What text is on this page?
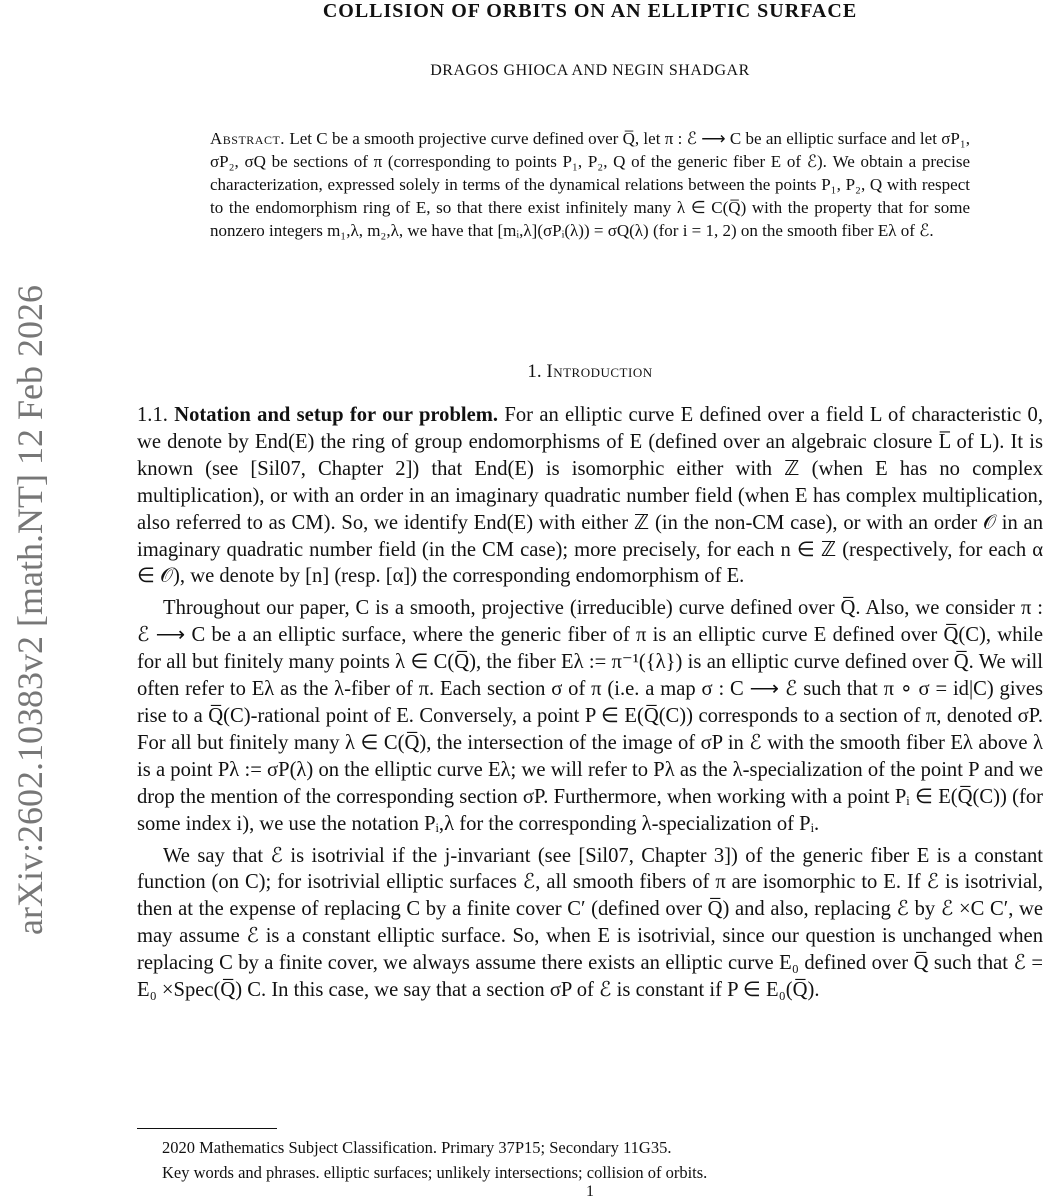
arXiv:2602.10383v2 [math.NT] 12 Feb 2026
COLLISION OF ORBITS ON AN ELLIPTIC SURFACE
DRAGOS GHIOCA AND NEGIN SHADGAR
Abstract. Let C be a smooth projective curve defined over Q̅, let π : ℰ ⟶ C be an elliptic surface and let σP₁, σP₂, σQ be sections of π (corresponding to points P₁, P₂, Q of the generic fiber E of ℰ). We obtain a precise characterization, expressed solely in terms of the dynamical relations between the points P₁, P₂, Q with respect to the endomorphism ring of E, so that there exist infinitely many λ ∈ C(Q̅) with the property that for some nonzero integers m₁,λ, m₂,λ, we have that [mᵢ,λ](σPᵢ(λ)) = σQ(λ) (for i = 1, 2) on the smooth fiber Eλ of ℰ.
1. Introduction

1.1. Notation and setup for our problem. For an elliptic curve E defined over a field L of characteristic 0, we denote by End(E) the ring of group endomorphisms of E (defined over an algebraic closure L̅ of L). It is known (see [Sil07, Chapter 2]) that End(E) is isomorphic either with ℤ (when E has no complex multiplication), or with an order in an imaginary quadratic number field (when E has complex multiplication, also referred to as CM). So, we identify End(E) with either ℤ (in the non-CM case), or with an order 𝒪 in an imaginary quadratic number field (in the CM case); more precisely, for each n ∈ ℤ (respectively, for each α ∈ 𝒪), we denote by [n] (resp. [α]) the corresponding endomorphism of E.

Throughout our paper, C is a smooth, projective (irreducible) curve defined over Q̅. Also, we consider π : ℰ ⟶ C be a an elliptic surface, where the generic fiber of π is an elliptic curve E defined over Q̅(C), while for all but finitely many points λ ∈ C(Q̅), the fiber Eλ := π⁻¹({λ}) is an elliptic curve defined over Q̅. We will often refer to Eλ as the λ-fiber of π. Each section σ of π (i.e. a map σ : C ⟶ ℰ such that π ∘ σ = id|C) gives rise to a Q̅(C)-rational point of E. Conversely, a point P ∈ E(Q̅(C)) corresponds to a section of π, denoted σP. For all but finitely many λ ∈ C(Q̅), the intersection of the image of σP in ℰ with the smooth fiber Eλ above λ is a point Pλ := σP(λ) on the elliptic curve Eλ; we will refer to Pλ as the λ-specialization of the point P and we drop the mention of the corresponding section σP. Furthermore, when working with a point Pᵢ ∈ E(Q̅(C)) (for some index i), we use the notation Pᵢ,λ for the corresponding λ-specialization of Pᵢ.

We say that ℰ is isotrivial if the j-invariant (see [Sil07, Chapter 3]) of the generic fiber E is a constant function (on C); for isotrivial elliptic surfaces ℰ, all smooth fibers of π are isomorphic to E. If ℰ is isotrivial, then at the expense of replacing C by a finite cover C′ (defined over Q̅) and also, replacing ℰ by ℰ ×C C′, we may assume ℰ is a constant elliptic surface. So, when E is isotrivial, since our question is unchanged when replacing C by a finite cover, we always assume there exists an elliptic curve E₀ defined over Q̅ such that ℰ = E₀ ×Spec(Q̅) C. In this case, we say that a section σP of ℰ is constant if P ∈ E₀(Q̅).

2020 Mathematics Subject Classification. Primary 37P15; Secondary 11G35.
Key words and phrases. elliptic surfaces; unlikely intersections; collision of orbits.
1
